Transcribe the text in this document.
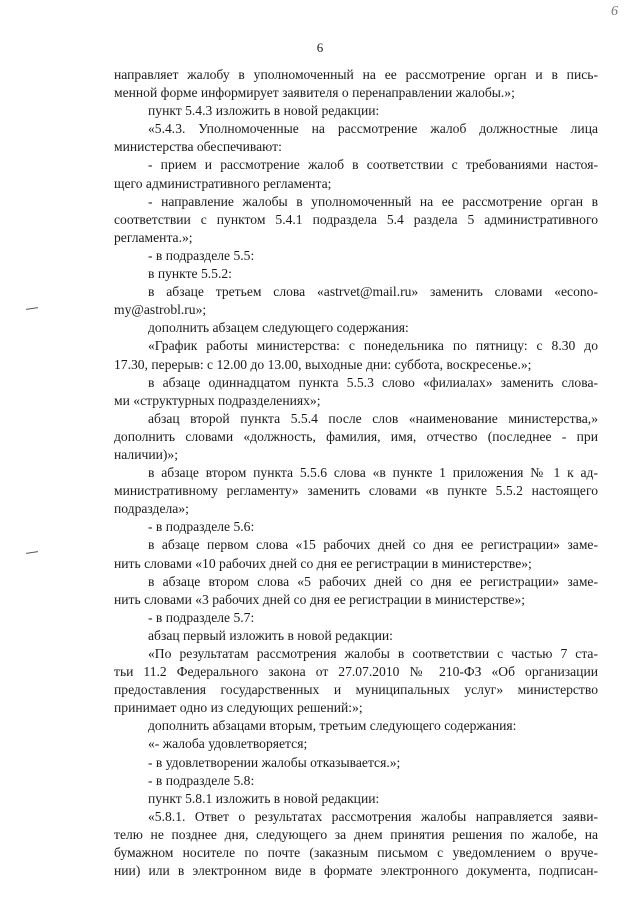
6
6
направляет жалобу в уполномоченный на ее рассмотрение орган и в пись-
менной форме информирует заявителя о перенаправлении жалобы.»;
пункт 5.4.3 изложить в новой редакции:
«5.4.3. Уполномоченные на рассмотрение жалоб должностные лица
министерства обеспечивают:
- прием и рассмотрение жалоб в соответствии с требованиями настоя-
щего административного регламента;
- направление жалобы в уполномоченный на ее рассмотрение орган в
соответствии с пунктом 5.4.1 подраздела 5.4 раздела 5 административного
регламента.»;
- в подразделе 5.5:
в пункте 5.5.2:
в абзаце третьем слова «astrvet@mail.ru» заменить словами «econo-
my@astrobl.ru»;
дополнить абзацем следующего содержания:
«График работы министерства: с понедельника по пятницу: с 8.30 до
17.30, перерыв: с 12.00 до 13.00, выходные дни: суббота, воскресенье.»;
в абзаце одиннадцатом пункта 5.5.3 слово «филиалах» заменить слова-
ми «структурных подразделениях»;
абзац второй пункта 5.5.4 после слов «наименование министерства,»
дополнить словами «должность, фамилия, имя, отчество (последнее - при
наличии)»;
в абзаце втором пункта 5.5.6 слова «в пункте 1 приложения № 1 к ад-
министративному регламенту» заменить словами «в пункте 5.5.2 настоящего
подраздела»;
- в подразделе 5.6:
в абзаце первом слова «15 рабочих дней со дня ее регистрации» заме-
нить словами «10 рабочих дней со дня ее регистрации в министерстве»;
в абзаце втором слова «5 рабочих дней со дня ее регистрации» заме-
нить словами «3 рабочих дней со дня ее регистрации в министерстве»;
- в подразделе 5.7:
абзац первый изложить в новой редакции:
«По результатам рассмотрения жалобы в соответствии с частью 7 ста-
тьи 11.2 Федерального закона от 27.07.2010 № 210-ФЗ «Об организации
предоставления государственных и муниципальных услуг» министерство
принимает одно из следующих решений:»;
дополнить абзацами вторым, третьим следующего содержания:
«- жалоба удовлетворяется;
- в удовлетворении жалобы отказывается.»;
- в подразделе 5.8:
пункт 5.8.1 изложить в новой редакции:
«5.8.1. Ответ о результатах рассмотрения жалобы направляется заяви-
телю не позднее дня, следующего за днем принятия решения по жалобе, на
бумажном носителе по почте (заказным письмом с уведомлением о вруче-
нии) или в электронном виде в формате электронного документа, подписан-
